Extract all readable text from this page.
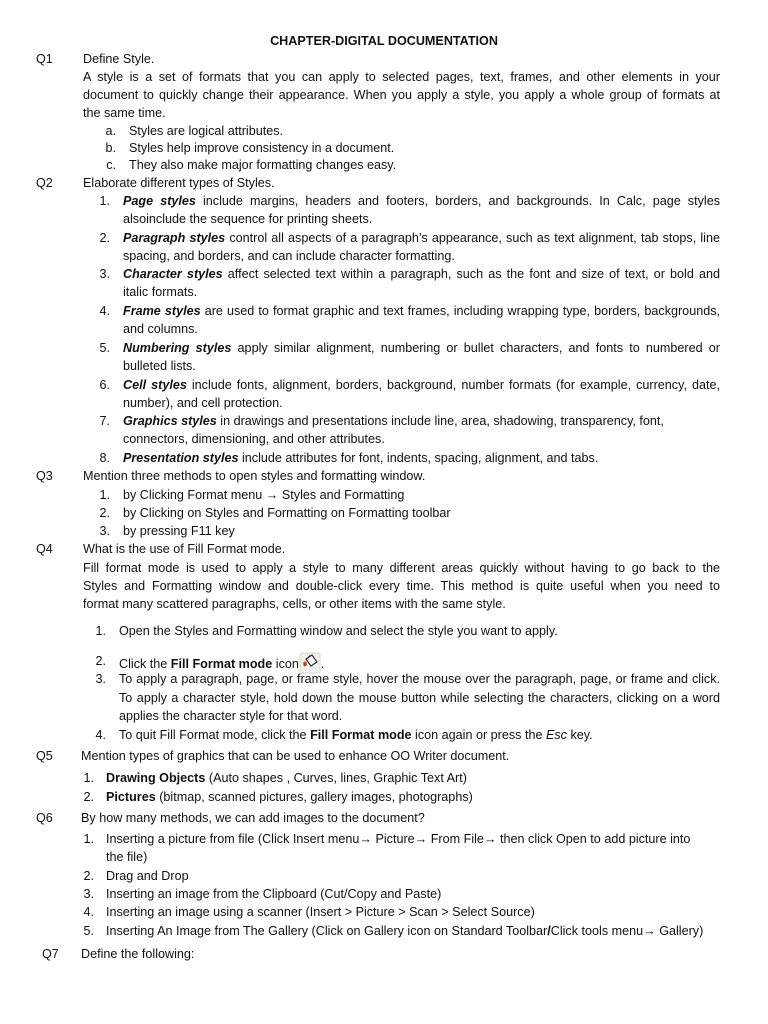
CHAPTER-DIGITAL DOCUMENTATION
Q1 Define Style.
A style is a set of formats that you can apply to selected pages, text, frames, and other elements in your
document to quickly change their appearance. When you apply a style, you apply a whole group of formats at
the same time.
a. Styles are logical attributes.
b. Styles help improve consistency in a document.
c. They also make major formatting changes easy.
Q2 Elaborate different types of Styles.
1. Page styles include margins, headers and footers, borders, and backgrounds. In Calc, page styles
alsoinclude the sequence for printing sheets.
2. Paragraph styles control all aspects of a paragraph’s appearance, such as text alignment, tab stops, line
spacing, and borders, and can include character formatting.
3. Character styles affect selected text within a paragraph, such as the font and size of text, or bold and
italic formats.
4. Frame styles are used to format graphic and text frames, including wrapping type, borders, backgrounds,
and columns.
5. Numbering styles apply similar alignment, numbering or bullet characters, and fonts to numbered or
bulleted lists.
6. Cell styles include fonts, alignment, borders, background, number formats (for example, currency, date,
number), and cell protection.
7. Graphics styles in drawings and presentations include line, area, shadowing, transparency, font,
connectors, dimensioning, and other attributes.
8. Presentation styles include attributes for font, indents, spacing, alignment, and tabs.
Q3 Mention three methods to open styles and formatting window.
1. by Clicking Format menu → Styles and Formatting
2. by Clicking on Styles and Formatting on Formatting toolbar
3. by pressing F11 key
Q4 What is the use of Fill Format mode.
Fill format mode is used to apply a style to many different areas quickly without having to go back to the
Styles and Formatting window and double-click every time. This method is quite useful when you need to
format many scattered paragraphs, cells, or other items with the same style.
1. Open the Styles and Formatting window and select the style you want to apply.
2. Click the Fill Format mode icon .
3. To apply a paragraph, page, or frame style, hover the mouse over the paragraph, page, or frame and click.
To apply a character style, hold down the mouse button while selecting the characters, clicking on a word
applies the character style for that word.
4. To quit Fill Format mode, click the Fill Format mode icon again or press the Esc key.
Q5 Mention types of graphics that can be used to enhance OO Writer document.
1. Drawing Objects (Auto shapes , Curves, lines, Graphic Text Art)
2. Pictures (bitmap, scanned pictures, gallery images, photographs)
Q6 By how many methods, we can add images to the document?
1. Inserting a picture from file (Click Insert menu→ Picture→ From File→ then click Open to add picture into
the file)
2. Drag and Drop
3. Inserting an image from the Clipboard (Cut/Copy and Paste)
4. Inserting an image using a scanner (Insert > Picture > Scan > Select Source)
5. Inserting An Image from The Gallery (Click on Gallery icon on Standard Toolbar/Click tools menu→ Gallery)
Q7 Define the following:
